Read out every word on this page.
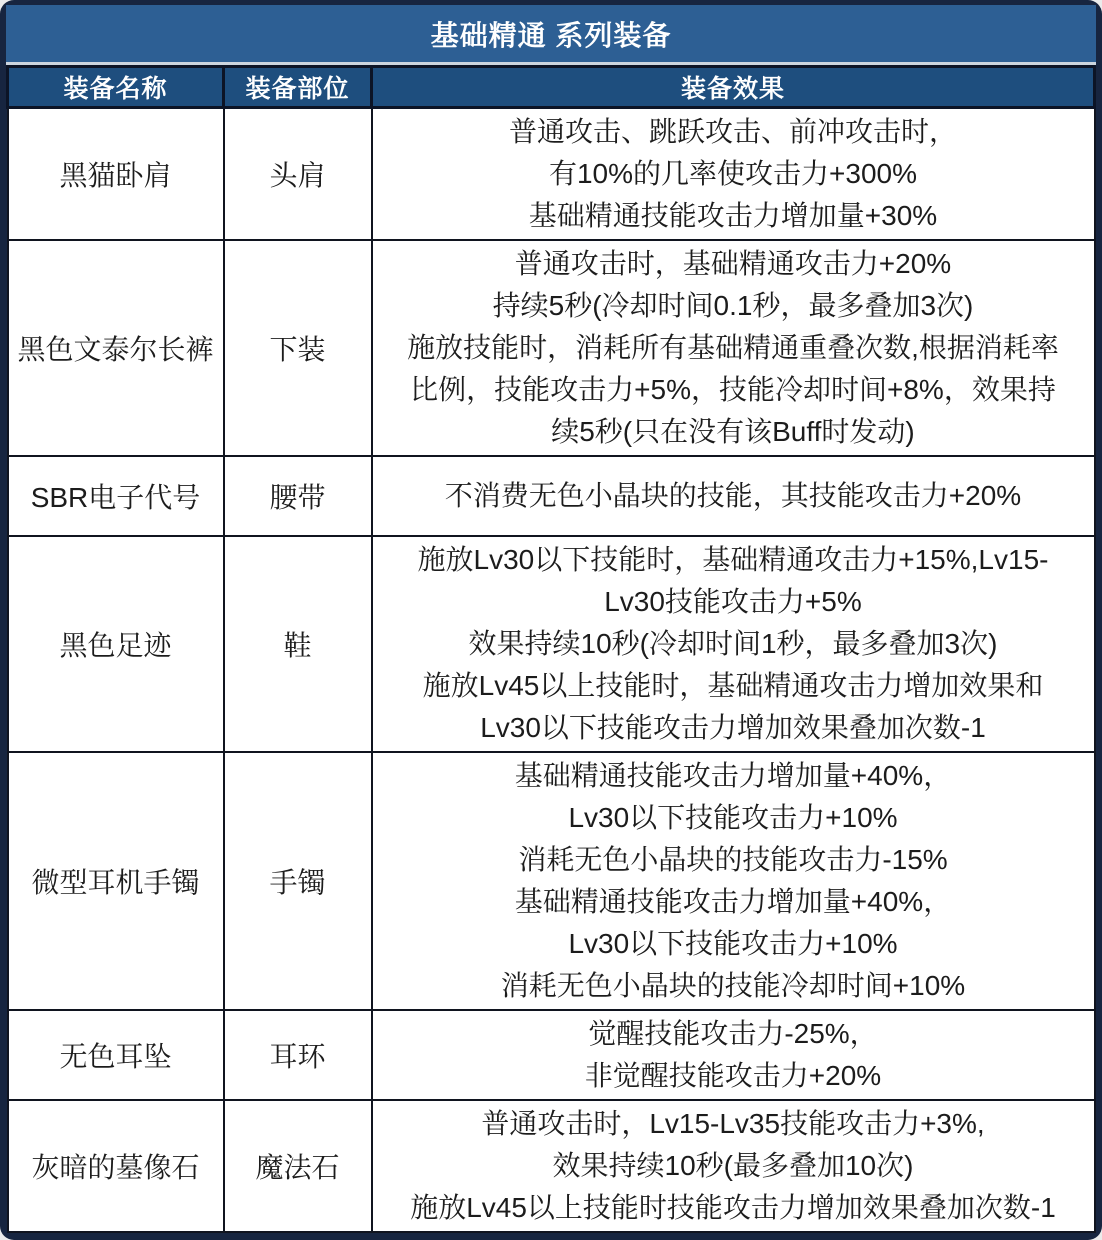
基础精通 系列装备
装备名称	装备部位	装备效果
黑猫卧肩	头肩	普通攻击、跳跃攻击、前冲攻击时，
有10%的几率使攻击力+300%
基础精通技能攻击力增加量+30%

黑色文泰尔长裤	下装	普通攻击时，基础精通攻击力+20%
持续5秒(冷却时间0.1秒，最多叠加3次)
施放技能时，消耗所有基础精通重叠次数,根据消耗率
比例，技能攻击力+5%，技能冷却时间+8%，效果持
续5秒(只在没有该Buff时发动)

SBR电子代号	腰带	不消费无色小晶块的技能，其技能攻击力+20%

黑色足迹	鞋	施放Lv30以下技能时，基础精通攻击力+15%,Lv15-
Lv30技能攻击力+5%
效果持续10秒(冷却时间1秒，最多叠加3次)
施放Lv45以上技能时，基础精通攻击力增加效果和
Lv30以下技能攻击力增加效果叠加次数-1

微型耳机手镯	手镯	
基础精通技能攻击力增加量+40%，
Lv30以下技能攻击力+10%
消耗无色小晶块的技能攻击力-15%
基础精通技能攻击力增加量+40%，
Lv30以下技能攻击力+10%
消耗无色小晶块的技能冷却时间+10%

无色耳坠	耳环	觉醒技能攻击力-25%，
非觉醒技能攻击力+20%

灰暗的墓像石	魔法石	普通攻击时，Lv15-Lv35技能攻击力+3%,
效果持续10秒(最多叠加10次)
施放Lv45以上技能时技能攻击力增加效果叠加次数-1
